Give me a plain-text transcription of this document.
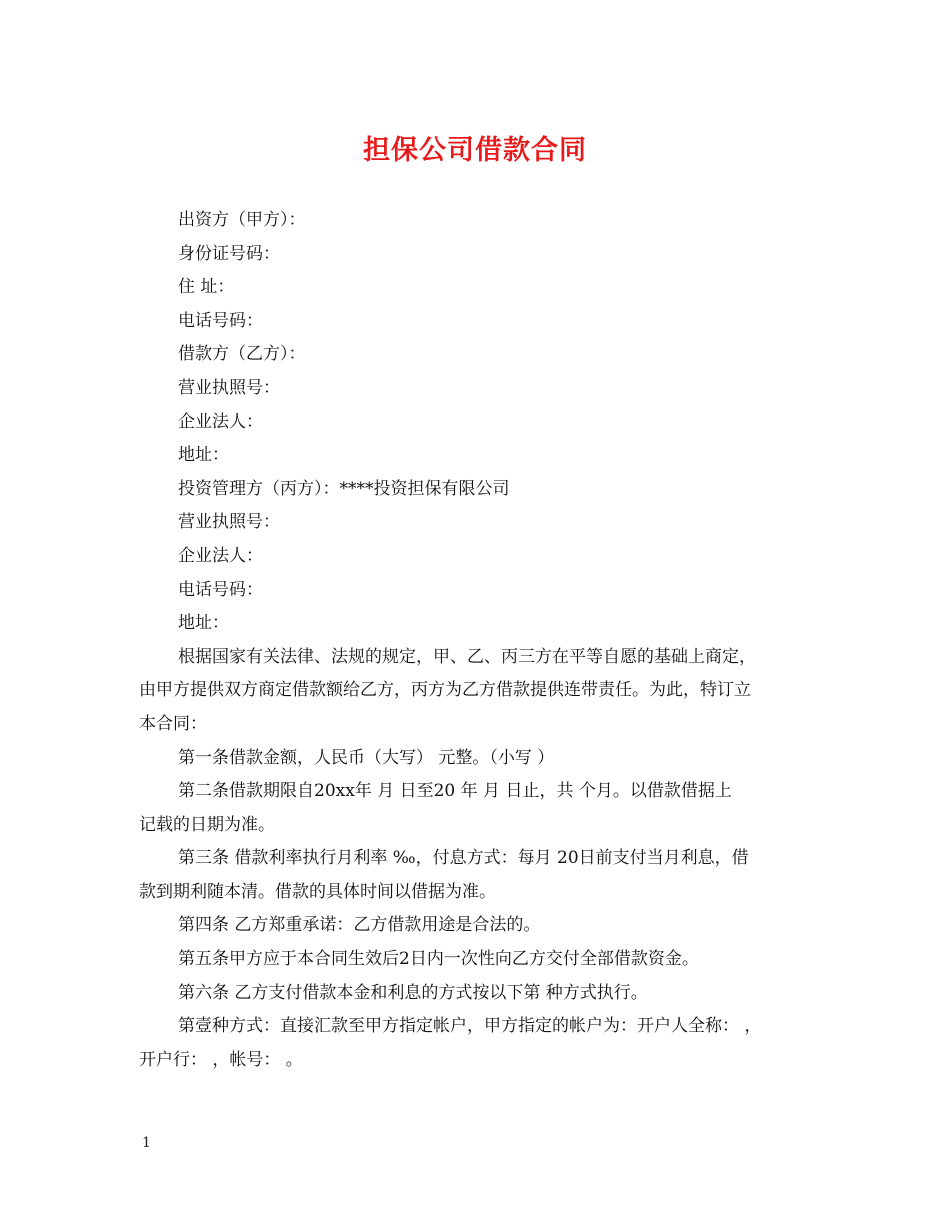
担保公司借款合同
出资方（甲方）：
身份证号码：
住 址：
电话号码：
借款方（乙方）：
营业执照号：
企业法人：
地址：
投资管理方（丙方）：****投资担保有限公司
营业执照号：
企业法人：
电话号码：
地址：
根据国家有关法律、法规的规定，甲、乙、丙三方在平等自愿的基础上商定，
由甲方提供双方商定借款额给乙方，丙方为乙方借款提供连带责任。为此，特订立
本合同：
第一条借款金额，人民币（大写） 元整。（小写 ）
第二条借款期限自20xx年 月 日至20 年 月 日止，共 个月。以借款借据上
记载的日期为准。
第三条 借款利率执行月利率 ‰，付息方式：每月 20日前支付当月利息，借
款到期利随本清。借款的具体时间以借据为准。
第四条 乙方郑重承诺：乙方借款用途是合法的。
第五条甲方应于本合同生效后2日内一次性向乙方交付全部借款资金。
第六条 乙方支付借款本金和利息的方式按以下第 种方式执行。
第壹种方式：直接汇款至甲方指定帐户，甲方指定的帐户为：开户人全称： ，
开户行： ，帐号： 。
1
